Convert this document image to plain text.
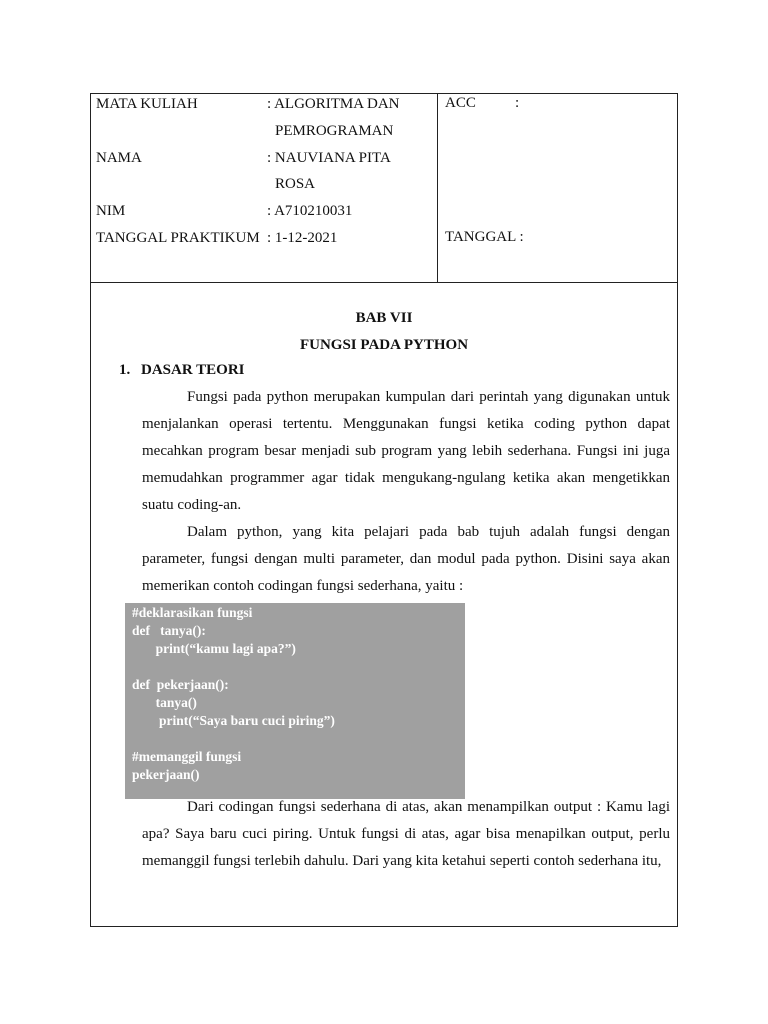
MATA KULIAH	: ALGORITMA DAN
PEMROGRAMAN
NAMA	: NAUVIANA PITA
ROSA
NIM	: A710210031
TANGGAL PRAKTIKUM : 1-12-2021
ACC	:
TANGGAL :
BAB VII
FUNGSI PADA PYTHON
1. DASAR TEORI

Fungsi pada python merupakan kumpulan dari perintah yang digunakan untuk menjalankan operasi tertentu. Menggunakan fungsi ketika coding python dapat mecahkan program besar menjadi sub program yang lebih sederhana. Fungsi ini juga memudahkan programmer agar tidak mengukang-ngulang ketika akan mengetikkan suatu coding-an.

Dalam python, yang kita pelajari pada bab tujuh adalah fungsi dengan parameter, fungsi dengan multi parameter, dan modul pada python. Disini saya akan memerikan contoh codingan fungsi sederhana, yaitu :

#deklarasikan fungsi
def   tanya():
print(“kamu lagi apa?”)
def  pekerjaan():
tanya()
print(“Saya baru cuci piring”)
#memanggil fungsi
pekerjaan()

Dari codingan fungsi sederhana di atas, akan menampilkan output : Kamu lagi apa? Saya baru cuci piring. Untuk fungsi di atas, agar bisa menapilkan output, perlu memanggil fungsi terlebih dahulu. Dari yang kita ketahui seperti contoh sederhana itu,
